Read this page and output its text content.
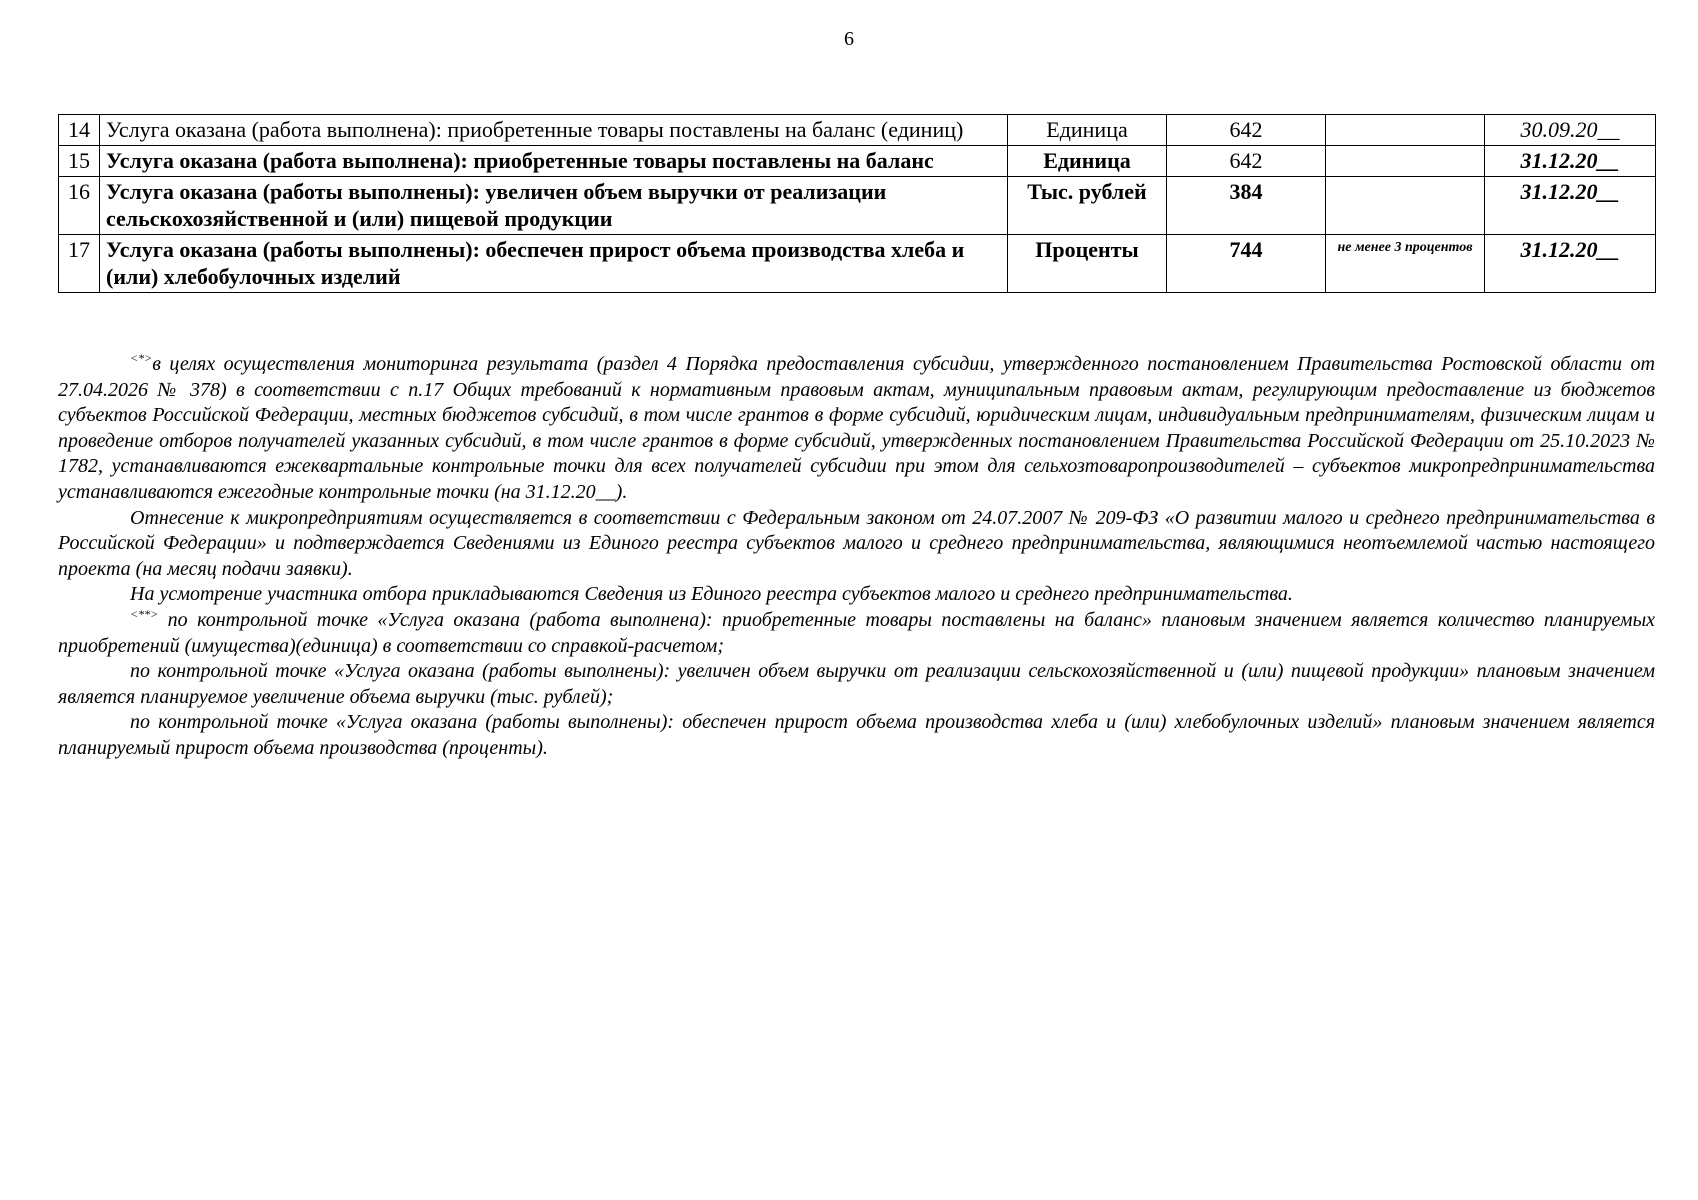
6
14	Услуга оказана (работа выполнена): приобретенные товары поставлены на баланс (единиц)	Единица	642		30.09.20__
15	Услуга оказана (работа выполнена): приобретенные товары поставлены на баланс	Единица	642		31.12.20__
16	Услуга оказана (работы выполнены): увеличен объем выручки от реализации сельскохозяйственной и (или) пищевой продукции	Тыс. рублей	384		31.12.20__
17	Услуга оказана (работы выполнены): обеспечен прирост объема производства хлеба и (или) хлебобулочных изделий	Проценты	744	не менее 3 процентов	31.12.20__

<*>в целях осуществления мониторинга результата (раздел 4 Порядка предоставления субсидии, утвержденного постановлением Правительства Ростовской области от 27.04.2026 № 378) в соответствии с п.17 Общих требований к нормативным правовым актам, муниципальным правовым актам, регулирующим предоставление из бюджетов субъектов Российской Федерации, местных бюджетов субсидий, в том числе грантов в форме субсидий, юридическим лицам, индивидуальным предпринимателям, физическим лицам и проведение отборов получателей указанных субсидий, в том числе грантов в форме субсидий, утвержденных постановлением Правительства Российской Федерации от 25.10.2023 № 1782, устанавливаются ежеквартальные контрольные точки для всех получателей субсидии при этом для сельхозтоваропроизводителей – субъектов микропредпринимательства устанавливаются ежегодные контрольные точки (на 31.12.20__).

Отнесение к микропредприятиям осуществляется в соответствии с Федеральным законом от 24.07.2007 № 209-ФЗ «О развитии малого и среднего предпринимательства в Российской Федерации» и подтверждается Сведениями из Единого реестра субъектов малого и среднего предпринимательства, являющимися неотъемлемой частью настоящего проекта (на месяц подачи заявки).

На усмотрение участника отбора прикладываются Сведения из Единого реестра субъектов малого и среднего предпринимательства.

<**> по контрольной точке «Услуга оказана (работа выполнена): приобретенные товары поставлены на баланс» плановым значением является количество планируемых приобретений (имущества)(единица) в соответствии со справкой-расчетом;

по контрольной точке «Услуга оказана (работы выполнены): увеличен объем выручки от реализации сельскохозяйственной и (или) пищевой продукции» плановым значением является планируемое увеличение объема выручки (тыс. рублей);

по контрольной точке «Услуга оказана (работы выполнены): обеспечен прирост объема производства хлеба и (или) хлебобулочных изделий» плановым значением является планируемый прирост объема производства (проценты).
